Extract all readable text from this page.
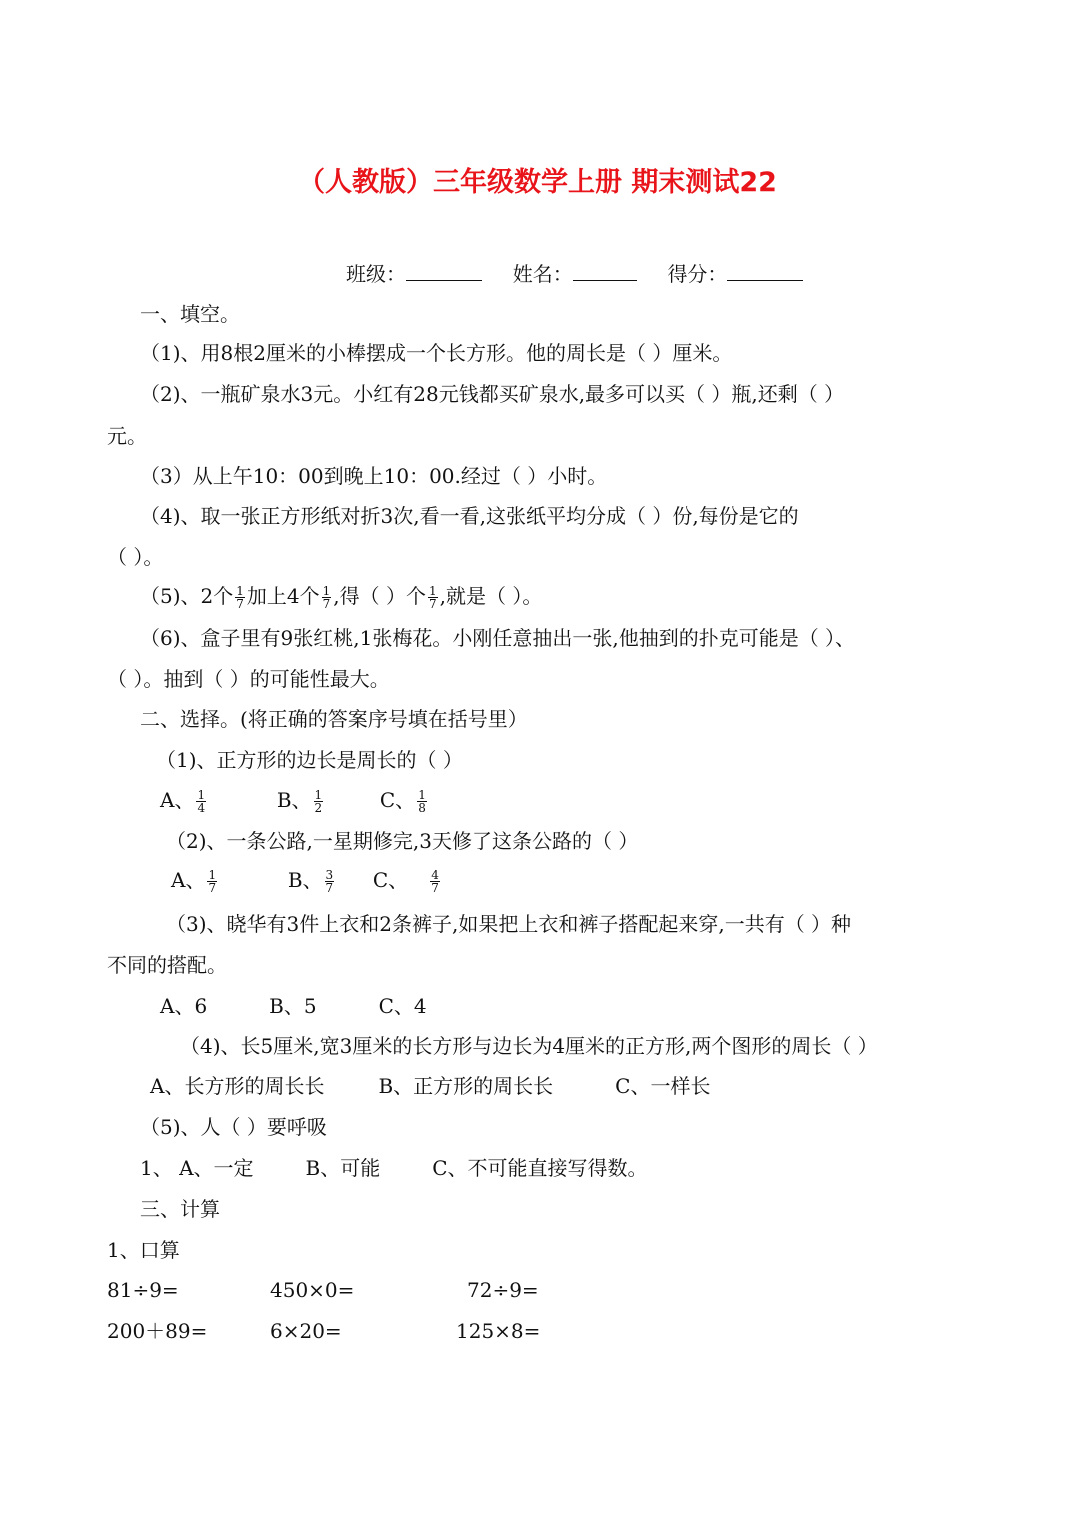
（人教版）三年级数学上册 期末测试22
班级：	姓名：	得分：
一、填空。
（1)、用8根2厘米的小棒摆成一个长方形。他的周长是（ ）厘米。
（2)、一瓶矿泉水3元。小红有28元钱都买矿泉水,最多可以买（ ）瓶,还剩（ ）
元。
（3）从上午10：00到晚上10：00.经过（ ）小时。
（4)、取一张正方形纸对折3次,看一看,这张纸平均分成（ ）份,每份是它的
（ ）。
（5)、2个 $\frac{1}{7}$ 加上4个 $\frac{1}{7}$ ,得（ ）个 $\frac{1}{7}$ ,就是（ ）。
（6)、盒子里有9张红桃,1张梅花。小刚任意抽出一张,他抽到的扑克可能是（ ）、
（ ）。抽到（ ）的可能性最大。
二、选择。(将正确的答案序号填在括号里）
（1)、正方形的边长是周长的（ ）
A、 $\frac{1}{4}$	B、 $\frac{1}{2}$	C、 $\frac{1}{8}$
（2)、一条公路,一星期修完,3天修了这条公路的（ ）
A、 $\frac{1}{7}$	B、 $\frac{3}{7}$ C、 $\frac{4}{7}$
（3)、晓华有3件上衣和2条裤子,如果把上衣和裤子搭配起来穿,一共有（ ）种
不同的搭配。
A、6	B、5	C、4
（4)、长5厘米,宽3厘米的长方形与边长为4厘米的正方形,两个图形的周长（ ）
A、长方形的周长长	B、正方形的周长长	C、一样长
（5)、人（ ）要呼吸
1、 A、一定	B、可能	C、不可能直接写得数。
三、计算
1、口算
81÷9=	450×0=	72÷9=
200＋89=	6×20=	125×8=
